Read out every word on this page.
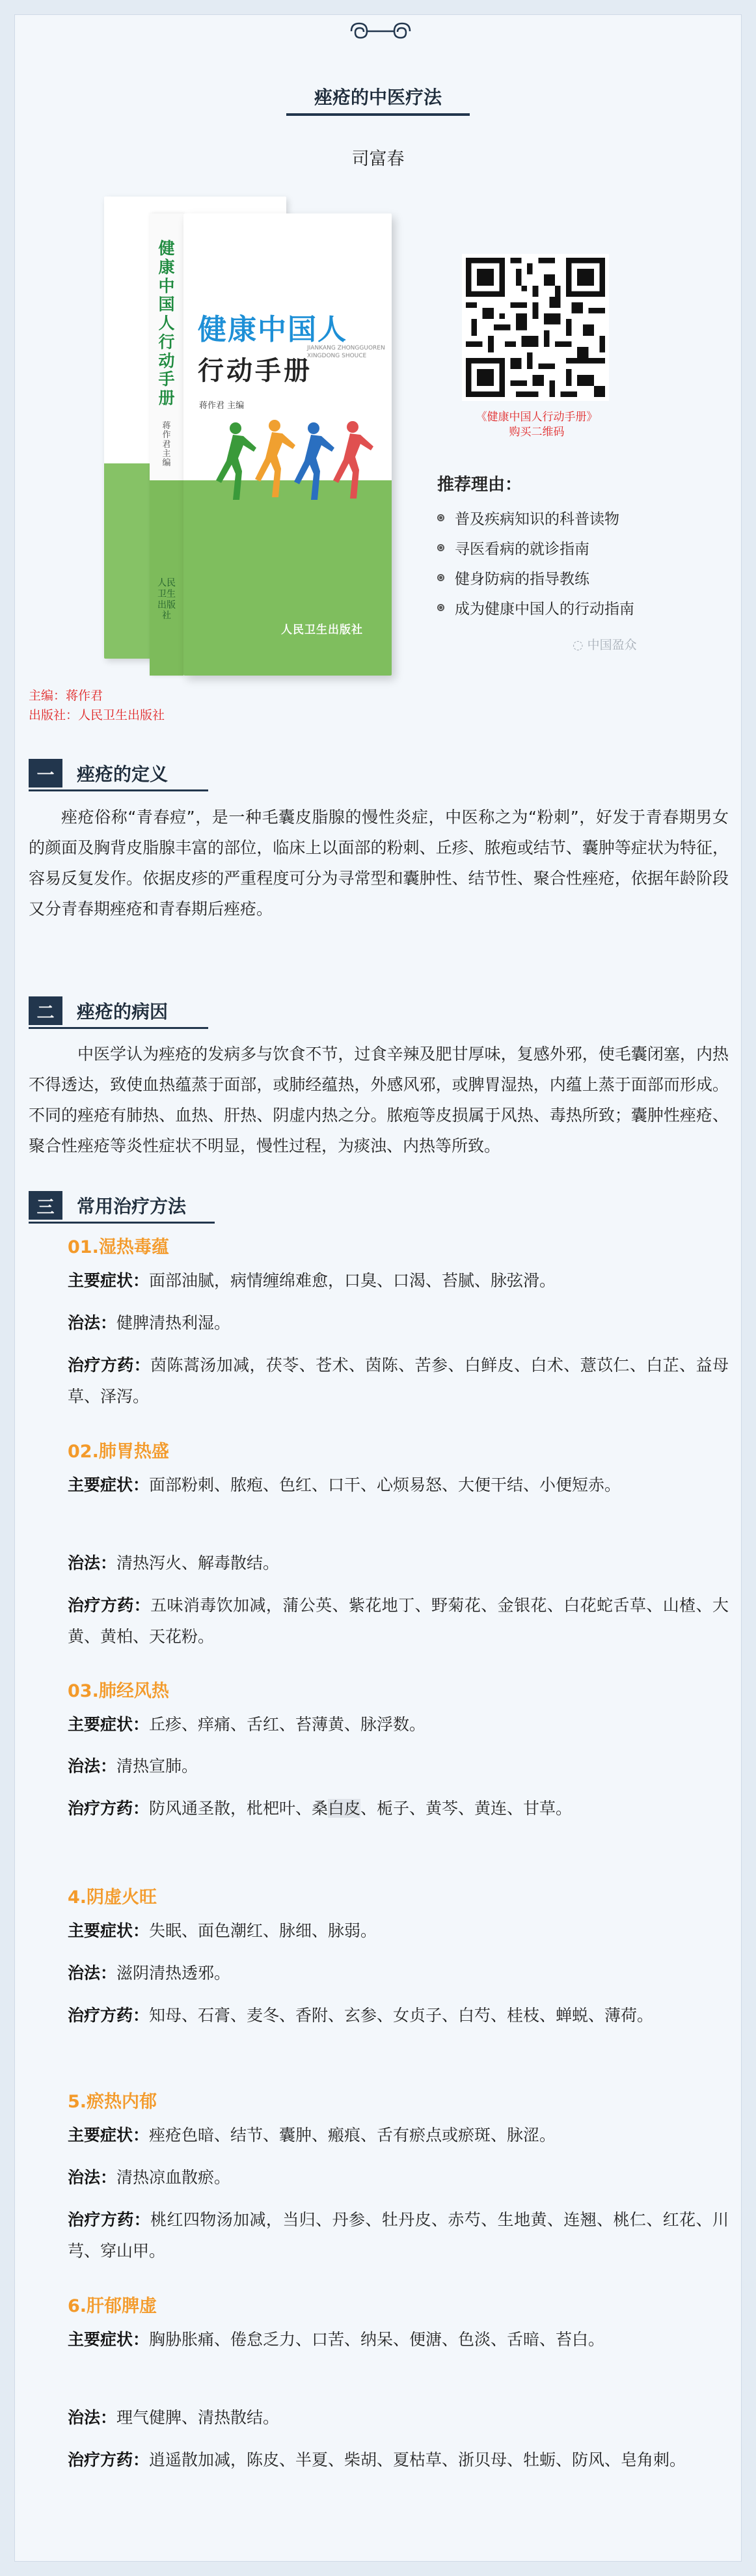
痤疮的中医疗法
司富春
健康中国人行动手册
蒋作君 主编
人民卫生出版社
健康中国人
行动手册
JIANKANG ZHONGGUOREN XINGDONG SHOUCE
蒋作君 主编
人民卫生出版社
《健康中国人行动手册》
购买二维码
推荐理由：
普及疾病知识的科普读物
寻医看病的就诊指南
健身防病的指导教练
成为健康中国人的行动指南
◌ 中国盈众
主编：蒋作君
出版社：人民卫生出版社
一	痤疮的定义
痤疮俗称“青春痘”，是一种毛囊皮脂腺的慢性炎症，中医称之为“粉刺”，好发于青春期男女的颜面及胸背皮脂腺丰富的部位，临床上以面部的粉刺、丘疹、脓疱或结节、囊肿等症状为特征，容易反复发作。依据皮疹的严重程度可分为寻常型和囊肿性、结节性、聚合性痤疮，依据年龄阶段又分青春期痤疮和青春期后痤疮。
二	痤疮的病因
中医学认为痤疮的发病多与饮食不节，过食辛辣及肥甘厚味，复感外邪，使毛囊闭塞，内热不得透达，致使血热蕴蒸于面部，或肺经蕴热，外感风邪，或脾胃湿热，内蕴上蒸于面部而形成。不同的痤疮有肺热、血热、肝热、阴虚内热之分。脓疱等皮损属于风热、毒热所致；囊肿性痤疮、聚合性痤疮等炎性症状不明显，慢性过程，为痰浊、内热等所致。
三	常用治疗方法
01.湿热毒蕴
主要症状：面部油腻，病情缠绵难愈，口臭、口渴、苔腻、脉弦滑。
治法：健脾清热利湿。
治疗方药：茵陈蒿汤加减，茯苓、苍术、茵陈、苦参、白鲜皮、白术、薏苡仁、白芷、益母草、泽泻。
02.肺胃热盛
主要症状：面部粉刺、脓疱、色红、口干、心烦易怒、大便干结、小便短赤。
治法：清热泻火、解毒散结。
治疗方药：五味消毒饮加减，蒲公英、紫花地丁、野菊花、金银花、白花蛇舌草、山楂、大黄、黄柏、天花粉。
03.肺经风热
主要症状：丘疹、痒痛、舌红、苔薄黄、脉浮数。
治法：清热宣肺。
治疗方药：防风通圣散，枇杷叶、桑白皮、栀子、黄芩、黄连、甘草。
4.阴虚火旺
主要症状：失眠、面色潮红、脉细、脉弱。
治法：滋阴清热透邪。
治疗方药：知母、石膏、麦冬、香附、玄参、女贞子、白芍、桂枝、蝉蜕、薄荷。
5.瘀热内郁
主要症状：痤疮色暗、结节、囊肿、瘢痕、舌有瘀点或瘀斑、脉涩。
治法：清热凉血散瘀。
治疗方药：桃红四物汤加减，当归、丹参、牡丹皮、赤芍、生地黄、连翘、桃仁、红花、川芎、穿山甲。
6.肝郁脾虚
主要症状：胸胁胀痛、倦怠乏力、口苦、纳呆、便溏、色淡、舌暗、苔白。
治法：理气健脾、清热散结。
治疗方药：逍遥散加减，陈皮、半夏、柴胡、夏枯草、浙贝母、牡蛎、防风、皂角刺。
